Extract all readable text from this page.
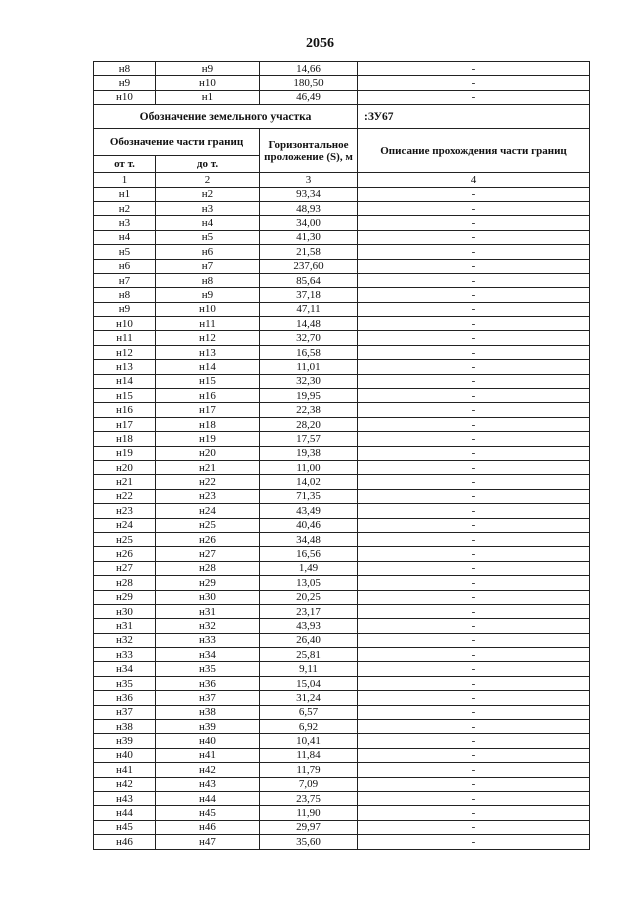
2056
н8	н9	14,66	-
н9	н10	180,50	-
н10	н1	46,49	-
Обозначение земельного участка			:ЗУ67
Обозначение части границ		Горизонтальное проложение (S), м	Описание прохождения части границ
от т.	до т.		
1	2	3	4
н1	н2	93,34	-
н2	н3	48,93	-
н3	н4	34,00	-
н4	н5	41,30	-
н5	н6	21,58	-
н6	н7	237,60	-
н7	н8	85,64	-
н8	н9	37,18	-
н9	н10	47,11	-
н10	н11	14,48	-
н11	н12	32,70	-
н12	н13	16,58	-
н13	н14	11,01	-
н14	н15	32,30	-
н15	н16	19,95	-
н16	н17	22,38	-
н17	н18	28,20	-
н18	н19	17,57	-
н19	н20	19,38	-
н20	н21	11,00	-
н21	н22	14,02	-
н22	н23	71,35	-
н23	н24	43,49	-
н24	н25	40,46	-
н25	н26	34,48	-
н26	н27	16,56	-
н27	н28	1,49	-
н28	н29	13,05	-
н29	н30	20,25	-
н30	н31	23,17	-
н31	н32	43,93	-
н32	н33	26,40	-
н33	н34	25,81	-
н34	н35	9,11	-
н35	н36	15,04	-
н36	н37	31,24	-
н37	н38	6,57	-
н38	н39	6,92	-
н39	н40	10,41	-
н40	н41	11,84	-
н41	н42	11,79	-
н42	н43	7,09	-
н43	н44	23,75	-
н44	н45	11,90	-
н45	н46	29,97	-
н46	н47	35,60	-
